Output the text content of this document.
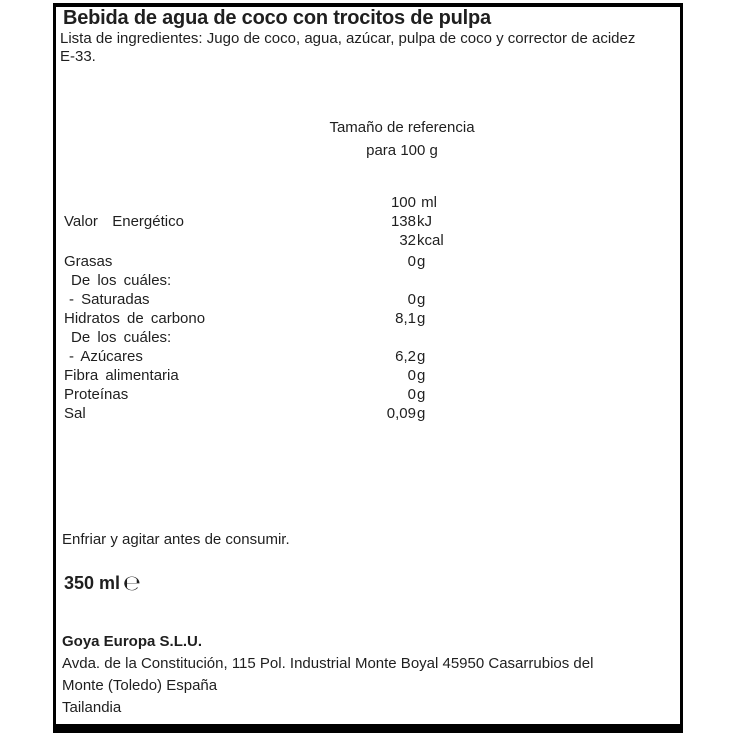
Bebida de agua de coco con trocitos de pulpa
Lista de ingredientes: Jugo de coco, agua, azúcar, pulpa de coco y corrector de acidez E-33.
Tamaño de referencia
para 100 g
100 ml
Valor  Energético	138 kJ
32 kcal
Grasas	0 g
De los cuáles:
- Saturadas	0 g
Hidratos de carbono	8,1 g
De los cuáles:
- Azúcares	6,2 g
Fibra alimentaria	0 g
Proteínas	0 g
Sal	0,09 g
Enfriar y agitar antes de consumir.
350 ml ℮
Goya Europa S.L.U.
Avda. de la Constitución, 115 Pol. Industrial Monte Boyal 45950 Casarrubios del
Monte (Toledo) España
Tailandia
